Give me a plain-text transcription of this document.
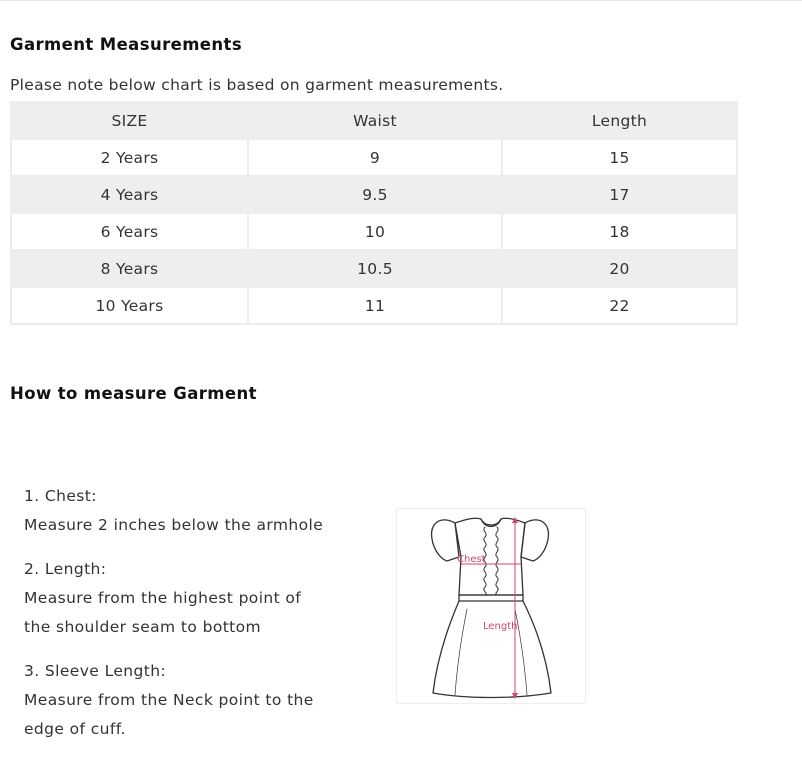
Garment Measurements
Please note below chart is based on garment measurements.
SIZE	Waist	Length
2 Years	9	15
4 Years	9.5	17
6 Years	10	18
8 Years	10.5	20
10 Years	11	22
How to measure Garment
1. Chest:
Measure 2 inches below the armhole
2. Length:
Measure from the highest point of
the shoulder seam to bottom
3. Sleeve Length:
Measure from the Neck point to the
edge of cuff.
Chest
Length
